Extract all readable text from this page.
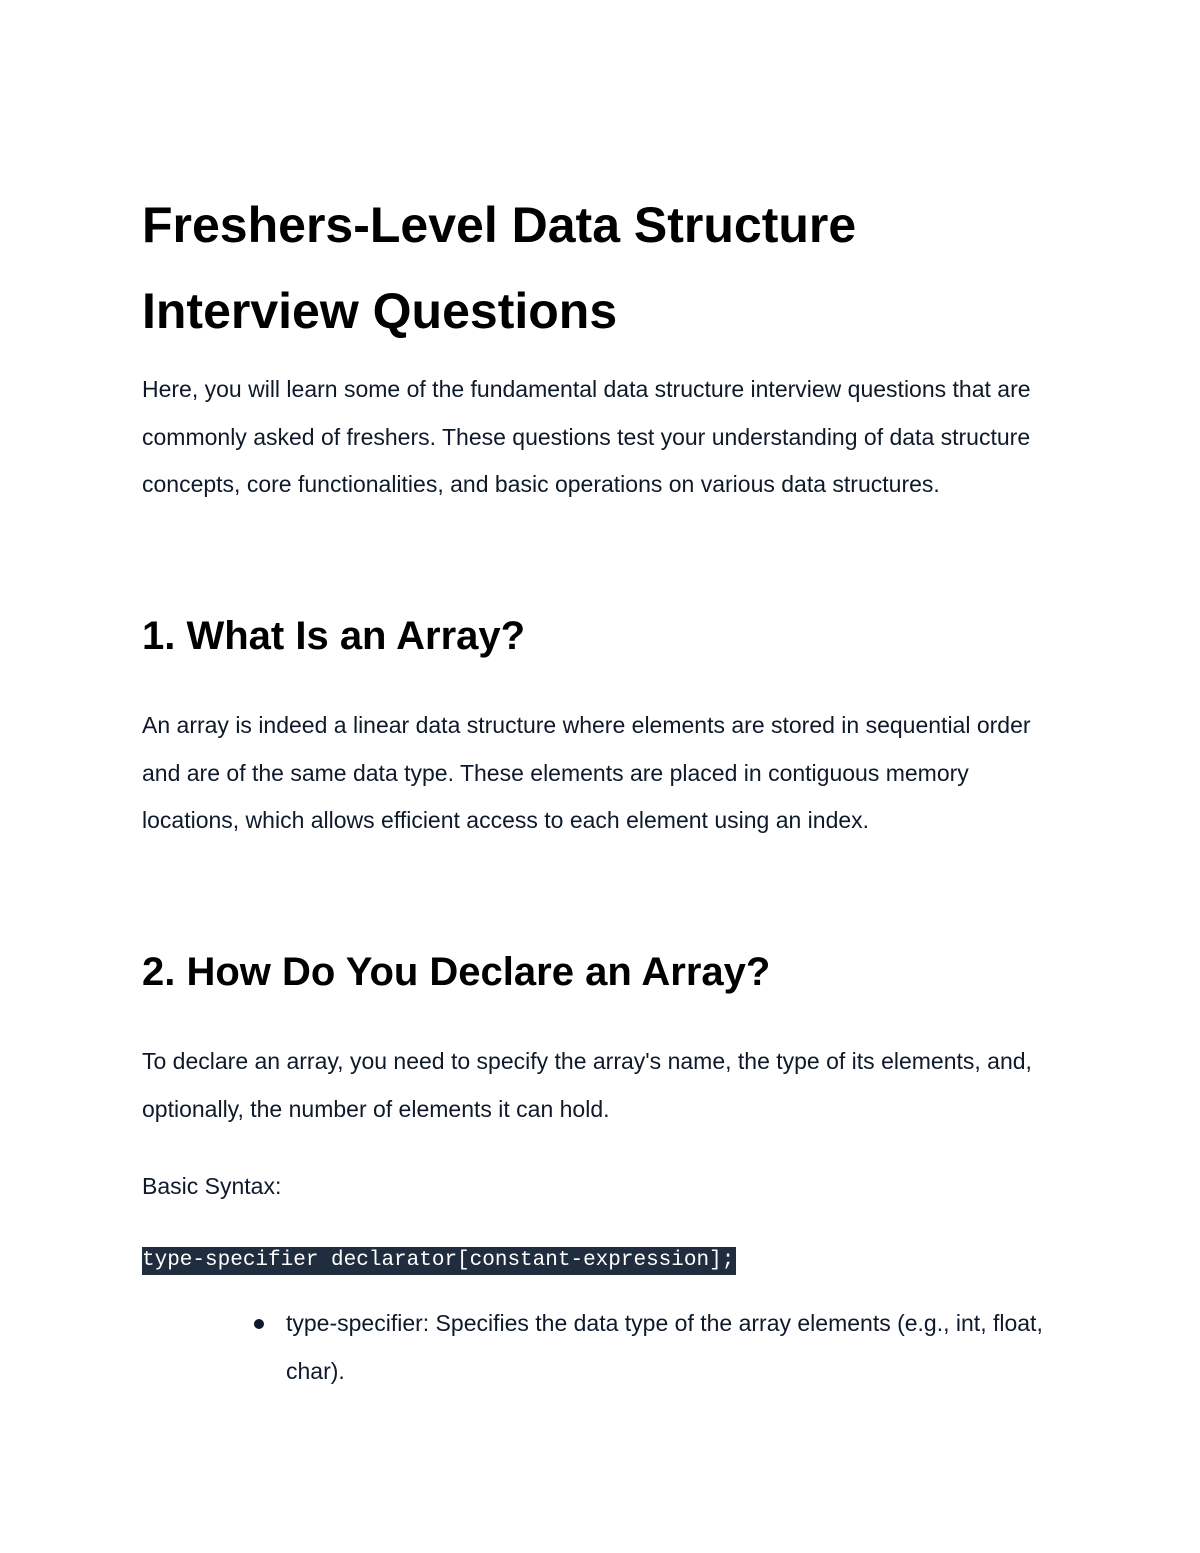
Freshers-Level Data Structure Interview Questions

Here, you will learn some of the fundamental data structure interview questions that are commonly asked of freshers. These questions test your understanding of data structure concepts, core functionalities, and basic operations on various data structures.

1. What Is an Array?

An array is indeed a linear data structure where elements are stored in sequential order and are of the same data type. These elements are placed in contiguous memory locations, which allows efficient access to each element using an index.

2. How Do You Declare an Array?

To declare an array, you need to specify the array's name, the type of its elements, and, optionally, the number of elements it can hold.

Basic Syntax:

type-specifier declarator[constant-expression];
type-specifier: Specifies the data type of the array elements (e.g., int, float, char).
